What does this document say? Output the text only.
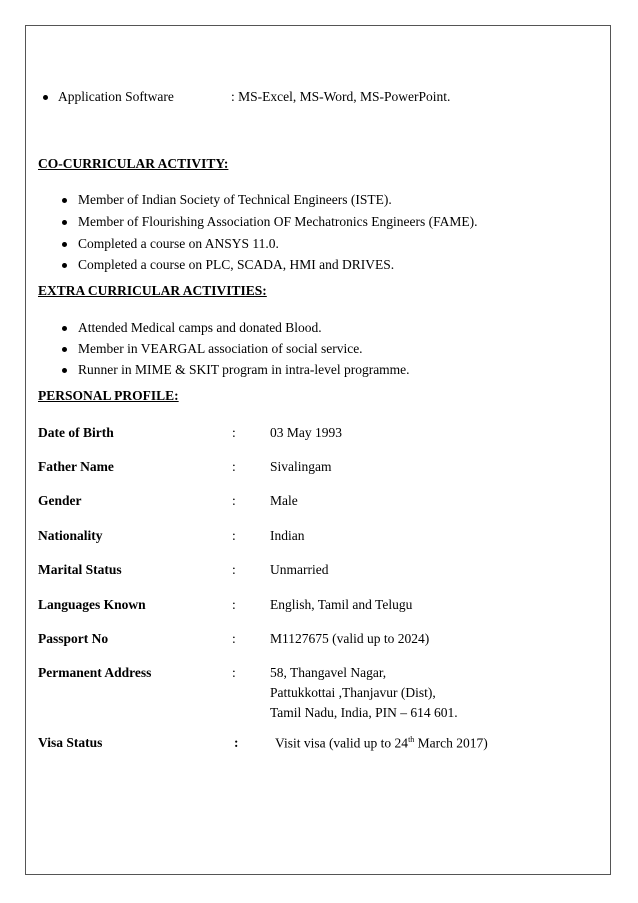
Application Software	: MS-Excel, MS-Word, MS-PowerPoint.
CO-CURRICULAR ACTIVITY:
Member of Indian Society of Technical Engineers (ISTE).
Member of Flourishing Association OF Mechatronics Engineers (FAME).
Completed a course on ANSYS 11.0.
Completed a course on PLC, SCADA, HMI and DRIVES.
EXTRA CURRICULAR ACTIVITIES:
Attended Medical camps and donated Blood.
Member in VEARGAL association of social service.
Runner in MIME & SKIT program in intra-level programme.
PERSONAL PROFILE:
Date of Birth	:	03 May 1993
Father Name	:	Sivalingam
Gender	:	Male
Nationality	:	Indian
Marital Status	:	Unmarried
Languages Known	:	English, Tamil and Telugu
Passport No	:	M1127675 (valid up to 2024)
Permanent Address	:	58, Thangavel Nagar,
Pattukkottai ,Thanjavur (Dist),
Tamil Nadu, India, PIN – 614 601.
Visa Status	:	Visit visa (valid up to 24th March 2017)
